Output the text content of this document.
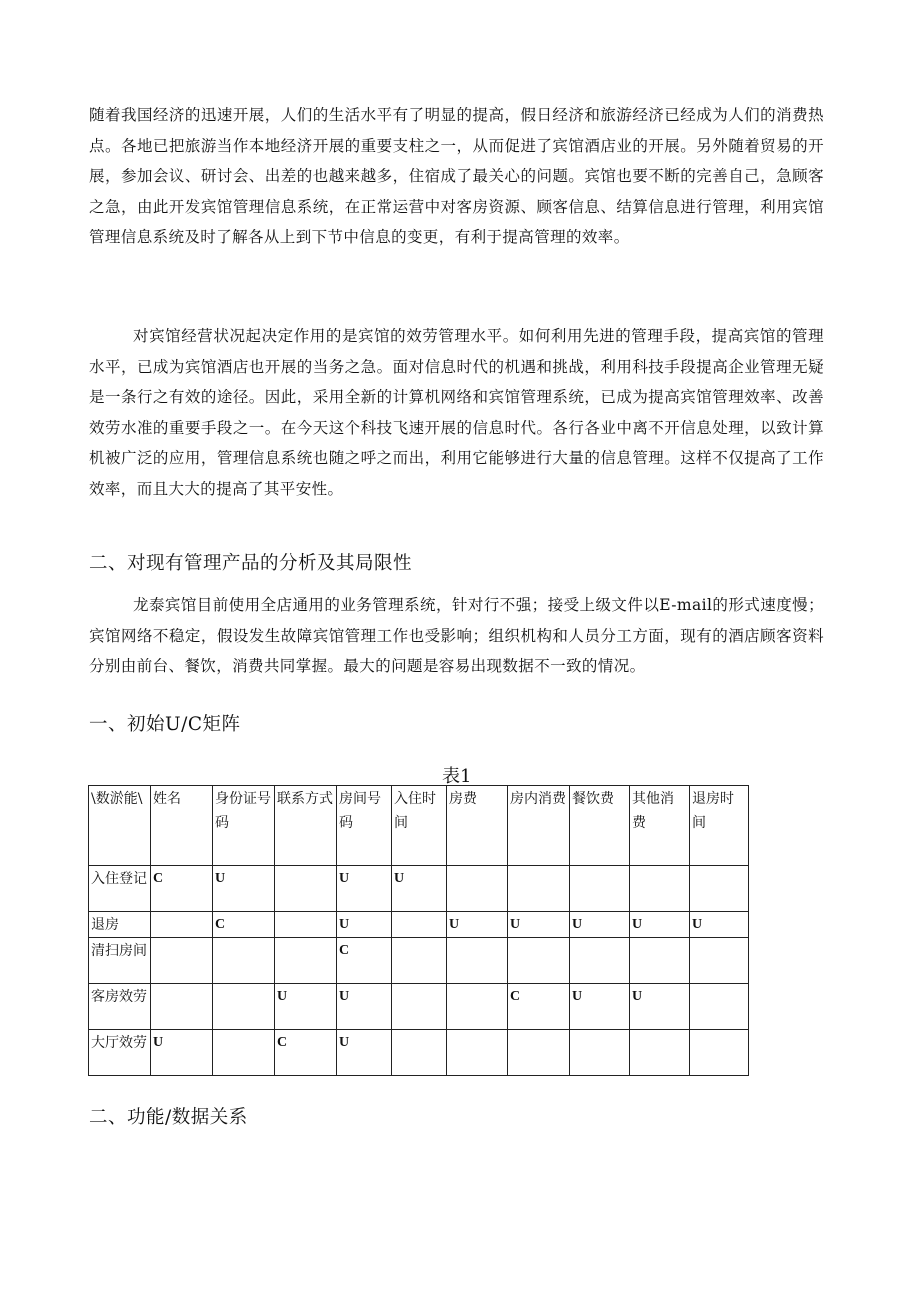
随着我国经济的迅速开展，人们的生活水平有了明显的提高，假日经济和旅游经济已经成为人们的消费热点。各地已把旅游当作本地经济开展的重要支柱之一，从而促进了宾馆酒店业的开展。另外随着贸易的开展，参加会议、研讨会、出差的也越来越多，住宿成了最关心的问题。宾馆也要不断的完善自己，急顾客之急，由此开发宾馆管理信息系统，在正常运营中对客房资源、顾客信息、结算信息进行管理，利用宾馆管理信息系统及时了解各从上到下节中信息的变更，有利于提高管理的效率。

对宾馆经营状况起决定作用的是宾馆的效劳管理水平。如何利用先进的管理手段，提高宾馆的管理水平，已成为宾馆酒店也开展的当务之急。面对信息时代的机遇和挑战，利用科技手段提高企业管理无疑是一条行之有效的途径。因此，采用全新的计算机网络和宾馆管理系统，已成为提高宾馆管理效率、改善效劳水准的重要手段之一。在今天这个科技飞速开展的信息时代。各行各业中离不开信息处理，以致计算机被广泛的应用，管理信息系统也随之呼之而出，利用它能够进行大量的信息管理。这样不仅提高了工作效率，而且大大的提高了其平安性。

二、对现有管理产品的分析及其局限性

龙泰宾馆目前使用全店通用的业务管理系统，针对行不强；接受上级文件以E-mail的形式速度慢；宾馆网络不稳定，假设发生故障宾馆管理工作也受影响；组织机构和人员分工方面，现有的酒店顾客资料分别由前台、餐饮，消费共同掌握。最大的问题是容易出现数据不一致的情况。

一、初始U/C矩阵

表1

\数淤能\	姓名	身份证号码	联系方式	房间号码	入住时间	房费	房内消费	餐饮费	其他消费	退房时间
入住登记	C	U		U	U					
退房		C		U		U	U	U	U	U
清扫房间				C						
客房效劳			U	U			C	U	U	
大厅效劳	U		C	U						
二、功能/数据关系
